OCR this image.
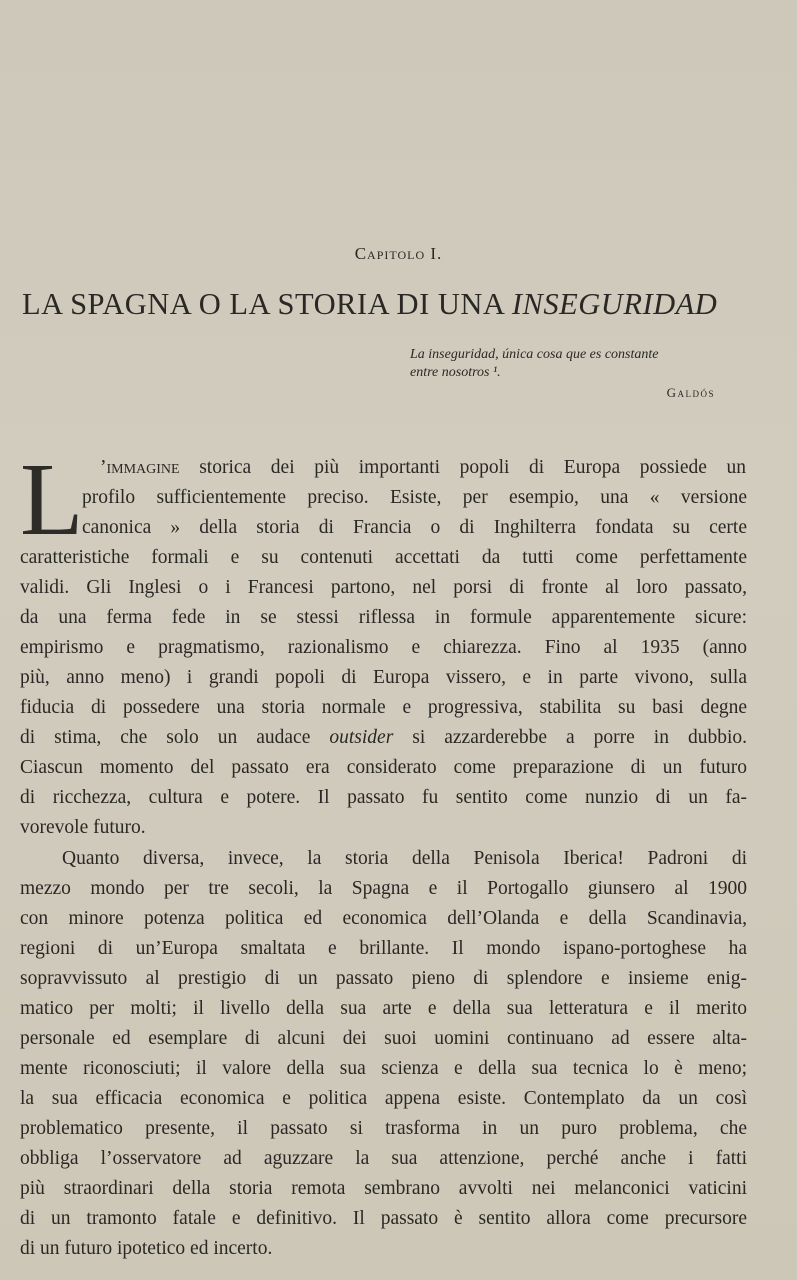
Capitolo I.
LA SPAGNA O LA STORIA DI UNA INSEGURIDAD
La inseguridad, única cosa que es constante
entre nosotros ¹.
Galdós
L ’immagine storica dei più importanti popoli di Europa possiede un
profilo sufficientemente preciso. Esiste, per esempio, una « versione
canonica » della storia di Francia o di Inghilterra fondata su certe
caratteristiche formali e su contenuti accettati da tutti come perfettamente
validi. Gli Inglesi o i Francesi partono, nel porsi di fronte al loro passato,
da una ferma fede in se stessi riflessa in formule apparentemente sicure:
empirismo e pragmatismo, razionalismo e chiarezza. Fino al 1935 (anno
più, anno meno) i grandi popoli di Europa vissero, e in parte vivono, sulla
fiducia di possedere una storia normale e progressiva, stabilita su basi degne
di stima, che solo un audace outsider si azzarderebbe a porre in dubbio.
Ciascun momento del passato era considerato come preparazione di un futuro
di ricchezza, cultura e potere. Il passato fu sentito come nunzio di un fa-
vorevole futuro.
Quanto diversa, invece, la storia della Penisola Iberica! Padroni di
mezzo mondo per tre secoli, la Spagna e il Portogallo giunsero al 1900
con minore potenza politica ed economica dell’Olanda e della Scandinavia,
regioni di un’Europa smaltata e brillante. Il mondo ispano-portoghese ha
sopravvissuto al prestigio di un passato pieno di splendore e insieme enig-
matico per molti; il livello della sua arte e della sua letteratura e il merito
personale ed esemplare di alcuni dei suoi uomini continuano ad essere alta-
mente riconosciuti; il valore della sua scienza e della sua tecnica lo è meno;
la sua efficacia economica e politica appena esiste. Contemplato da un così
problematico presente, il passato si trasforma in un puro problema, che
obbliga l’osservatore ad aguzzare la sua attenzione, perché anche i fatti
più straordinari della storia remota sembrano avvolti nei melanconici vaticini
di un tramonto fatale e definitivo. Il passato è sentito allora come precursore
di un futuro ipotetico ed incerto.
